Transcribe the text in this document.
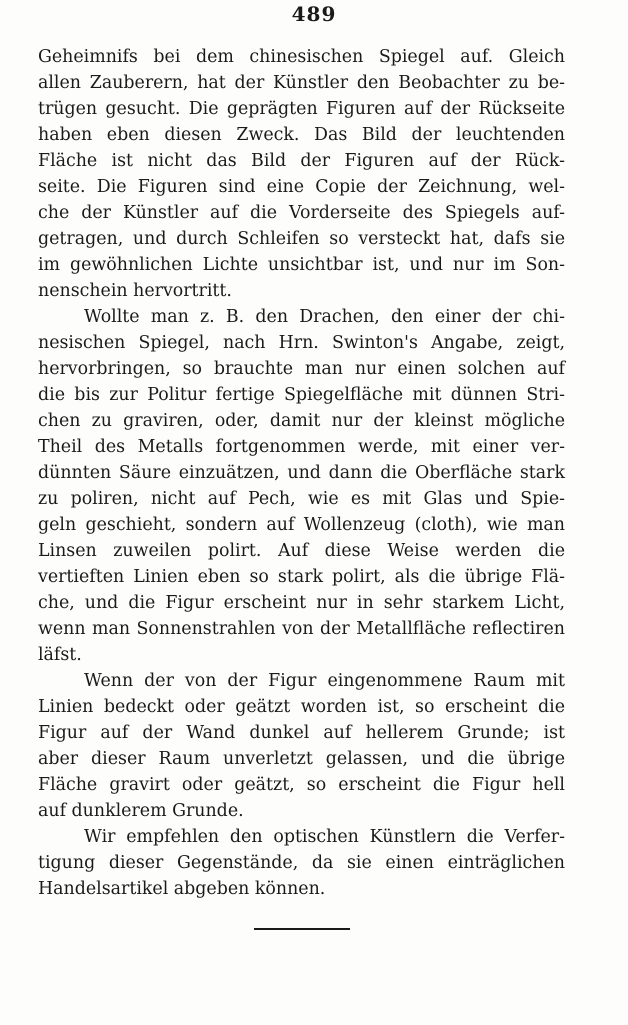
489
Geheimnifs bei dem chinesischen Spiegel auf. Gleich
allen Zauberern, hat der Künstler den Beobachter zu be-
trügen gesucht. Die geprägten Figuren auf der Rückseite
haben eben diesen Zweck. Das Bild der leuchtenden
Fläche ist nicht das Bild der Figuren auf der Rück-
seite. Die Figuren sind eine Copie der Zeichnung, wel-
che der Künstler auf die Vorderseite des Spiegels auf-
getragen, und durch Schleifen so versteckt hat, dafs sie
im gewöhnlichen Lichte unsichtbar ist, und nur im Son-
nenschein hervortritt.
Wollte man z. B. den Drachen, den einer der chi-
nesischen Spiegel, nach Hrn. Swinton's Angabe, zeigt,
hervorbringen, so brauchte man nur einen solchen auf
die bis zur Politur fertige Spiegelfläche mit dünnen Stri-
chen zu graviren, oder, damit nur der kleinst mögliche
Theil des Metalls fortgenommen werde, mit einer ver-
dünnten Säure einzuätzen, und dann die Oberfläche stark
zu poliren, nicht auf Pech, wie es mit Glas und Spie-
geln geschieht, sondern auf Wollenzeug (cloth), wie man
Linsen zuweilen polirt. Auf diese Weise werden die
vertieften Linien eben so stark polirt, als die übrige Flä-
che, und die Figur erscheint nur in sehr starkem Licht,
wenn man Sonnenstrahlen von der Metallfläche reflectiren
läfst.
Wenn der von der Figur eingenommene Raum mit
Linien bedeckt oder geätzt worden ist, so erscheint die
Figur auf der Wand dunkel auf hellerem Grunde; ist
aber dieser Raum unverletzt gelassen, und die übrige
Fläche gravirt oder geätzt, so erscheint die Figur hell
auf dunklerem Grunde.
Wir empfehlen den optischen Künstlern die Verfer-
tigung dieser Gegenstände, da sie einen einträglichen
Handelsartikel abgeben können.
